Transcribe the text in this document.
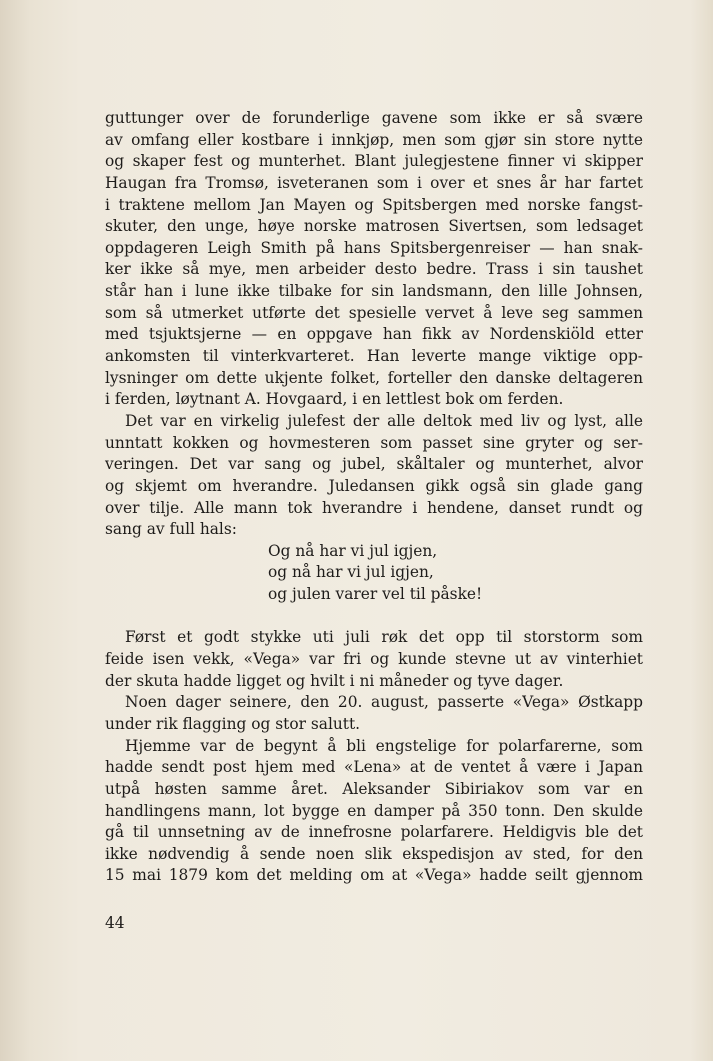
guttunger over de forunderlige gavene som ikke er så svære
av omfang eller kostbare i innkjøp, men som gjør sin store nytte
og skaper fest og munterhet. Blant julegjestene finner vi skipper
Haugan fra Tromsø, isveteranen som i over et snes år har fartet
i traktene mellom Jan Mayen og Spitsbergen med norske fangst-
skuter, den unge, høye norske matrosen Sivertsen, som ledsaget
oppdageren Leigh Smith på hans Spitsbergenreiser — han snak-
ker ikke så mye, men arbeider desto bedre. Trass i sin taushet
står han i lune ikke tilbake for sin landsmann, den lille Johnsen,
som så utmerket utførte det spesielle vervet å leve seg sammen
med tsjuktsjerne — en oppgave han fikk av Nordenskiöld etter
ankomsten til vinterkvarteret. Han leverte mange viktige opp-
lysninger om dette ukjente folket, forteller den danske deltageren
i ferden, løytnant A. Hovgaard, i en lettlest bok om ferden.
Det var en virkelig julefest der alle deltok med liv og lyst, alle
unntatt kokken og hovmesteren som passet sine gryter og ser-
veringen. Det var sang og jubel, skåltaler og munterhet, alvor
og skjemt om hverandre. Juledansen gikk også sin glade gang
over tilje. Alle mann tok hverandre i hendene, danset rundt og
sang av full hals:
Og nå har vi jul igjen,
og nå har vi jul igjen,
og julen varer vel til påske!
Først et godt stykke uti juli røk det opp til storstorm som
feide isen vekk, «Vega» var fri og kunde stevne ut av vinterhiet
der skuta hadde ligget og hvilt i ni måneder og tyve dager.
Noen dager seinere, den 20. august, passerte «Vega» Østkapp
under rik flagging og stor salutt.
Hjemme var de begynt å bli engstelige for polarfarerne, som
hadde sendt post hjem med «Lena» at de ventet å være i Japan
utpå høsten samme året. Aleksander Sibiriakov som var en
handlingens mann, lot bygge en damper på 350 tonn. Den skulde
gå til unnsetning av de innefrosne polarfarere. Heldigvis ble det
ikke nødvendig å sende noen slik ekspedisjon av sted, for den
15 mai 1879 kom det melding om at «Vega» hadde seilt gjennom
44
